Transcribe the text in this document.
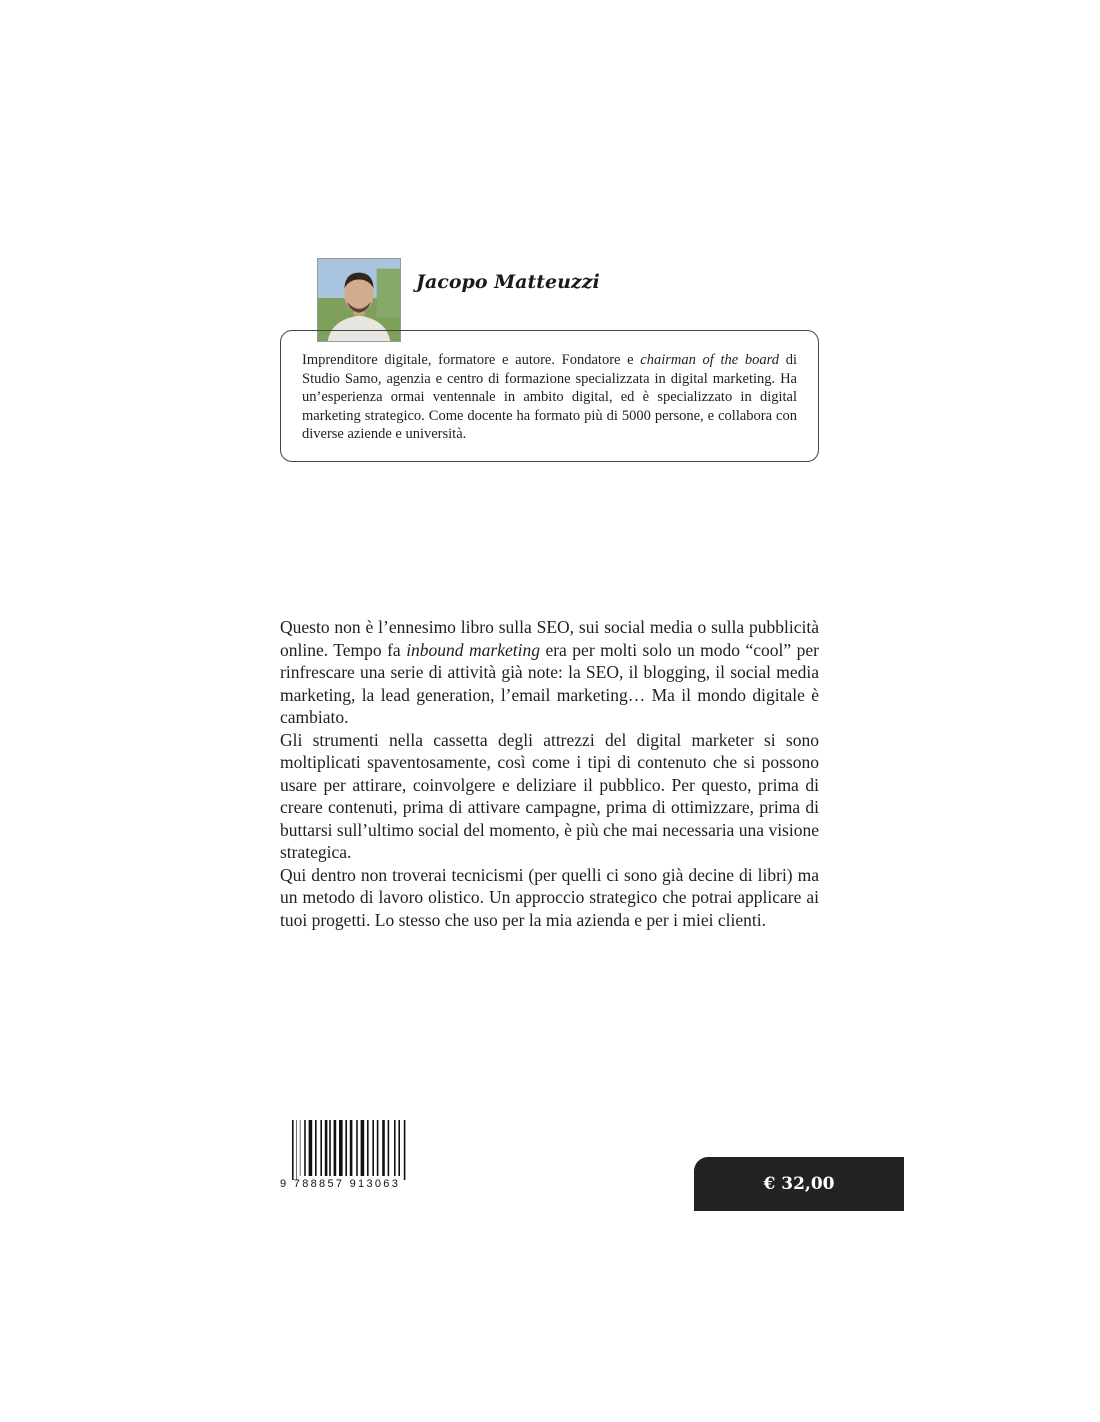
Jacopo Matteuzzi

Imprenditore digitale, formatore e autore. Fondatore e chairman of the board di Studio Samo, agenzia e centro di formazione specializzata in digital marketing. Ha un’esperienza ormai ventennale in ambito digital, ed è specializzato in digital marketing strategico. Come docente ha formato più di 5000 persone, e collabora con diverse aziende e università.

Questo non è l’ennesimo libro sulla SEO, sui social media o sulla pubblicità online. Tempo fa inbound marketing era per molti solo un modo “cool” per rinfrescare una serie di attività già note: la SEO, il blogging, il social media marketing, la lead generation, l’email marketing… Ma il mondo digitale è cambiato.

Gli strumenti nella cassetta degli attrezzi del digital marketer si sono moltiplicati spaventosamente, così come i tipi di contenuto che si possono usare per attirare, coinvolgere e deliziare il pubblico. Per questo, prima di creare contenuti, prima di attivare campagne, prima di ottimizzare, prima di buttarsi sull’ultimo social del momento, è più che mai necessaria una visione strategica.

Qui dentro non troverai tecnicismi (per quelli ci sono già decine di libri) ma un metodo di lavoro olistico. Un approccio strategico che potrai applicare ai tuoi progetti. Lo stesso che uso per la mia azienda e per i miei clienti.

9 788857 913063	€ 32,00
